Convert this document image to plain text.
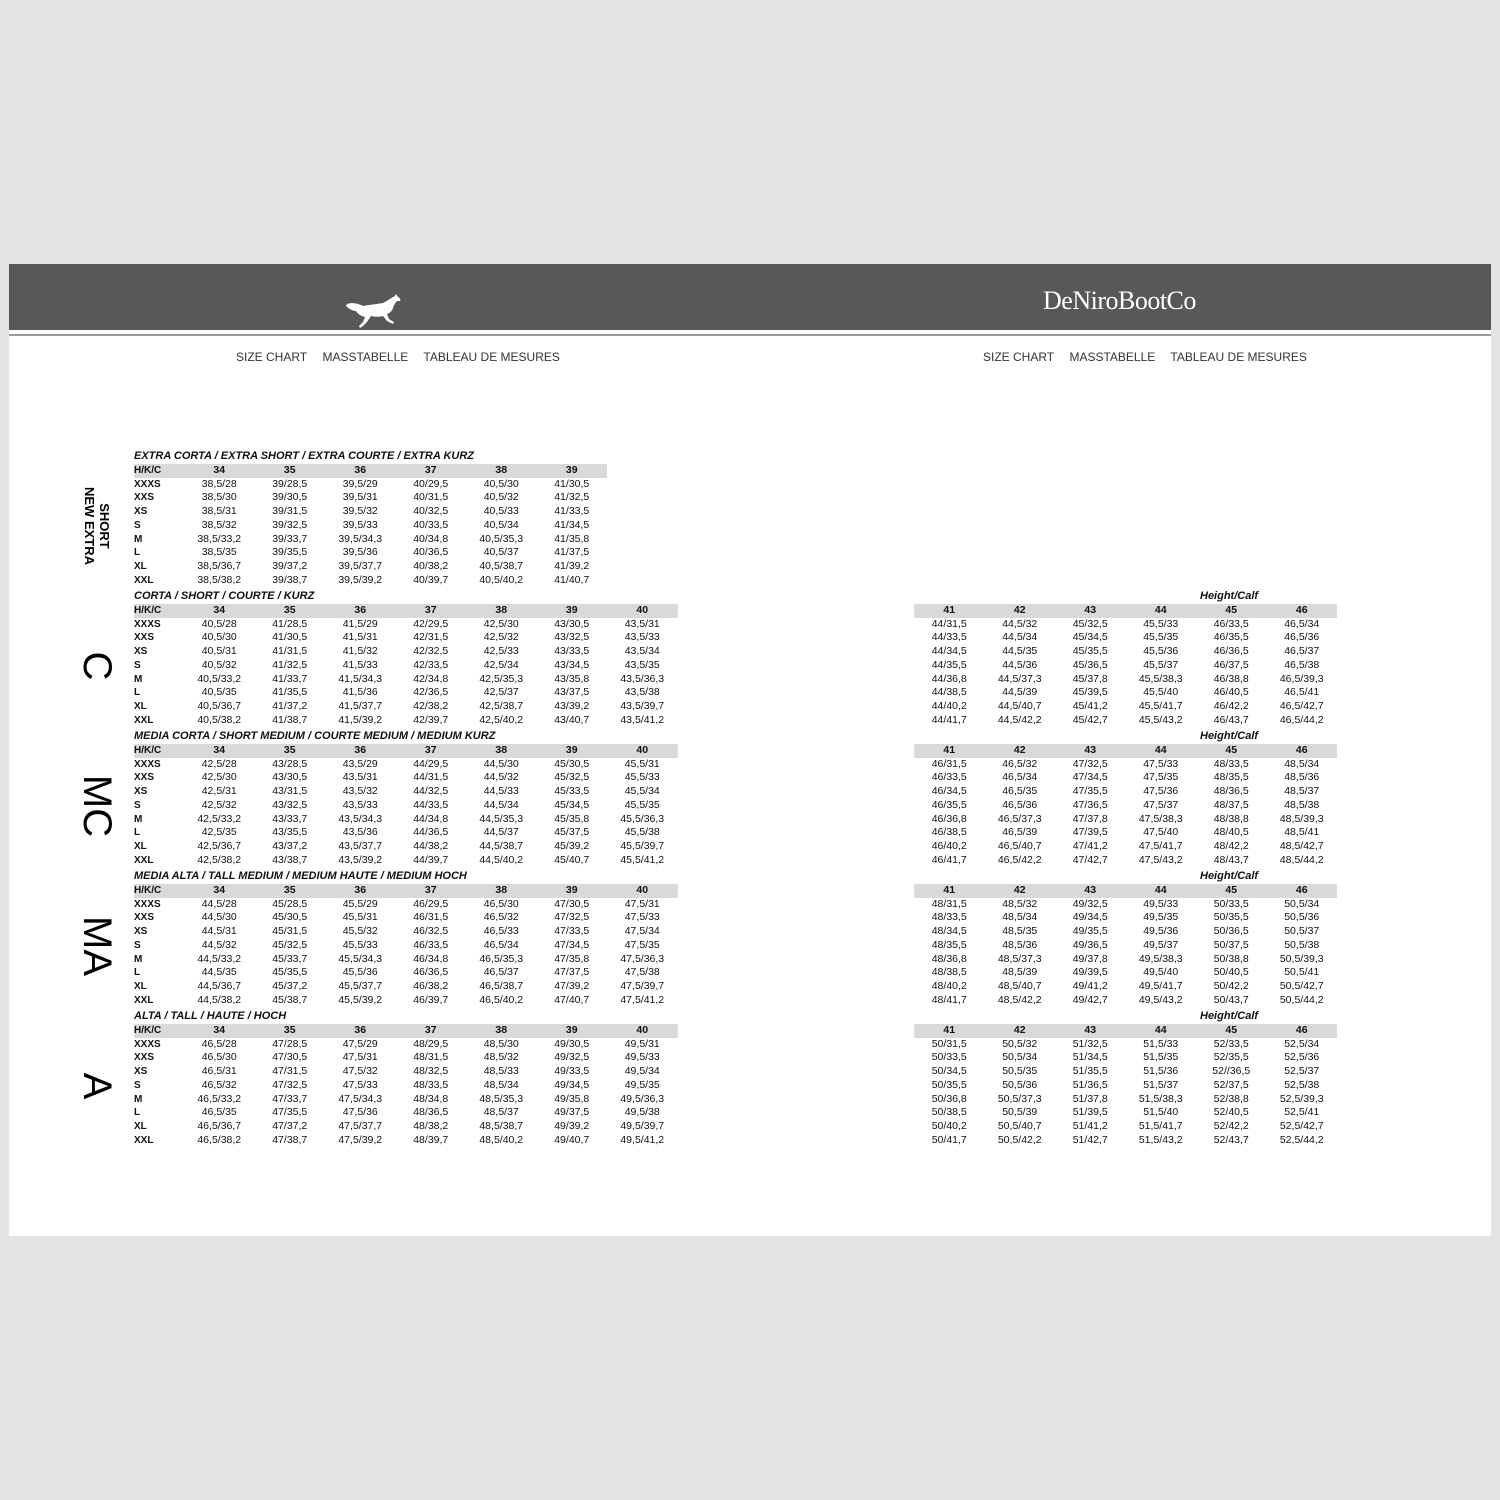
DeNiroBootCo
SIZE CHART MASSTABELLE TABLEAU DE MESURES	SIZE CHART MASSTABELLE TABLEAU DE MESURES
EXTRA CORTA / EXTRA SHORT / EXTRA COURTE / EXTRA KURZ
H/K/C	34	35	36	37	38	39
XXXS	38,5/28	39/28,5	39,5/29	40/29,5	40,5/30	41/30,5
XXS	38,5/30	39/30,5	39,5/31	40/31,5	40,5/32	41/32,5
XS	38,5/31	39/31,5	39,5/32	40/32,5	40,5/33	41/33,5
S	38,5/32	39/32,5	39,5/33	40/33,5	40,5/34	41/34,5
M	38,5/33,2	39/33,7	39,5/34,3	40/34,8	40,5/35,3	41/35,8
L	38,5/35	39/35,5	39,5/36	40/36,5	40,5/37	41/37,5
XL	38,5/36,7	39/37,2	39,5/37,7	40/38,2	40,5/38,7	41/39,2
XXL	38,5/38,2	39/38,7	39,5/39,2	40/39,7	40,5/40,2	41/40,7
NEW EXTRA SHORT
CORTA / SHORT / COURTE / KURZ
H/K/C	34	35	36	37	38	39	40
XXXS	40,5/28	41/28,5	41,5/29	42/29,5	42,5/30	43/30,5	43,5/31
XXS	40,5/30	41/30,5	41,5/31	42/31,5	42,5/32	43/32,5	43,5/33
XS	40,5/31	41/31,5	41,5/32	42/32,5	42,5/33	43/33,5	43,5/34
S	40,5/32	41/32,5	41,5/33	42/33,5	42,5/34	43/34,5	43,5/35
M	40,5/33,2	41/33,7	41,5/34,3	42/34,8	42,5/35,3	43/35,8	43,5/36,3
L	40,5/35	41/35,5	41,5/36	42/36,5	42,5/37	43/37,5	43,5/38
XL	40,5/36,7	41/37,2	41,5/37,7	42/38,2	42,5/38,7	43/39,2	43,5/39,7
XXL	40,5/38,2	41/38,7	41,5/39,2	42/39,7	42,5/40,2	43/40,7	43,5/41,2
Height/Calf
41	42	43	44	45	46
44/31,5	44,5/32	45/32,5	45,5/33	46/33,5	46,5/34
44/33,5	44,5/34	45/34,5	45,5/35	46/35,5	46,5/36
44/34,5	44,5/35	45/35,5	45,5/36	46/36,5	46,5/37
44/35,5	44,5/36	45/36,5	45,5/37	46/37,5	46,5/38
44/36,8	44,5/37,3	45/37,8	45,5/38,3	46/38,8	46,5/39,3
44/38,5	44,5/39	45/39,5	45,5/40	46/40,5	46,5/41
44/40,2	44,5/40,7	45/41,2	45,5/41,7	46/42,2	46,5/42,7
44/41,7	44,5/42,2	45/42,7	45,5/43,2	46/43,7	46,5/44,2
C
MEDIA CORTA / SHORT MEDIUM / COURTE MEDIUM / MEDIUM KURZ
H/K/C	34	35	36	37	38	39	40
XXXS	42,5/28	43/28,5	43,5/29	44/29,5	44,5/30	45/30,5	45,5/31
XXS	42,5/30	43/30,5	43,5/31	44/31,5	44,5/32	45/32,5	45,5/33
XS	42,5/31	43/31,5	43,5/32	44/32,5	44,5/33	45/33,5	45,5/34
S	42,5/32	43/32,5	43,5/33	44/33,5	44,5/34	45/34,5	45,5/35
M	42,5/33,2	43/33,7	43,5/34,3	44/34,8	44,5/35,3	45/35,8	45,5/36,3
L	42,5/35	43/35,5	43,5/36	44/36,5	44,5/37	45/37,5	45,5/38
XL	42,5/36,7	43/37,2	43,5/37,7	44/38,2	44,5/38,7	45/39,2	45,5/39,7
XXL	42,5/38,2	43/38,7	43,5/39,2	44/39,7	44,5/40,2	45/40,7	45,5/41,2
Height/Calf
41	42	43	44	45	46
46/31,5	46,5/32	47/32,5	47,5/33	48/33,5	48,5/34
46/33,5	46,5/34	47/34,5	47,5/35	48/35,5	48,5/36
46/34,5	46,5/35	47/35,5	47,5/36	48/36,5	48,5/37
46/35,5	46,5/36	47/36,5	47,5/37	48/37,5	48,5/38
46/36,8	46,5/37,3	47/37,8	47,5/38,3	48/38,8	48,5/39,3
46/38,5	46,5/39	47/39,5	47,5/40	48/40,5	48,5/41
46/40,2	46,5/40,7	47/41,2	47,5/41,7	48/42,2	48,5/42,7
46/41,7	46,5/42,2	47/42,7	47,5/43,2	48/43,7	48,5/44,2
MC
MEDIA ALTA / TALL MEDIUM / MEDIUM HAUTE / MEDIUM HOCH
H/K/C	34	35	36	37	38	39	40
XXXS	44,5/28	45/28,5	45,5/29	46/29,5	46,5/30	47/30,5	47,5/31
XXS	44,5/30	45/30,5	45,5/31	46/31,5	46,5/32	47/32,5	47,5/33
XS	44,5/31	45/31,5	45,5/32	46/32,5	46,5/33	47/33,5	47,5/34
S	44,5/32	45/32,5	45,5/33	46/33,5	46,5/34	47/34,5	47,5/35
M	44,5/33,2	45/33,7	45,5/34,3	46/34,8	46,5/35,3	47/35,8	47,5/36,3
L	44,5/35	45/35,5	45,5/36	46/36,5	46,5/37	47/37,5	47,5/38
XL	44,5/36,7	45/37,2	45,5/37,7	46/38,2	46,5/38,7	47/39,2	47,5/39,7
XXL	44,5/38,2	45/38,7	45,5/39,2	46/39,7	46,5/40,2	47/40,7	47,5/41,2
Height/Calf
41	42	43	44	45	46
48/31,5	48,5/32	49/32,5	49,5/33	50/33,5	50,5/34
48/33,5	48,5/34	49/34,5	49,5/35	50/35,5	50,5/36
48/34,5	48,5/35	49/35,5	49,5/36	50/36,5	50,5/37
48/35,5	48,5/36	49/36,5	49,5/37	50/37,5	50,5/38
48/36,8	48,5/37,3	49/37,8	49,5/38,3	50/38,8	50,5/39,3
48/38,5	48,5/39	49/39,5	49,5/40	50/40,5	50,5/41
48/40,2	48,5/40,7	49/41,2	49,5/41,7	50/42,2	50,5/42,7
48/41,7	48,5/42,2	49/42,7	49,5/43,2	50/43,7	50,5/44,2
MA
ALTA / TALL / HAUTE / HOCH
H/K/C	34	35	36	37	38	39	40
XXXS	46,5/28	47/28,5	47,5/29	48/29,5	48,5/30	49/30,5	49,5/31
XXS	46,5/30	47/30,5	47,5/31	48/31,5	48,5/32	49/32,5	49,5/33
XS	46,5/31	47/31,5	47,5/32	48/32,5	48,5/33	49/33,5	49,5/34
S	46,5/32	47/32,5	47,5/33	48/33,5	48,5/34	49/34,5	49,5/35
M	46,5/33,2	47/33,7	47,5/34,3	48/34,8	48,5/35,3	49/35,8	49,5/36,3
L	46,5/35	47/35,5	47,5/36	48/36,5	48,5/37	49/37,5	49,5/38
XL	46,5/36,7	47/37,2	47,5/37,7	48/38,2	48,5/38,7	49/39,2	49,5/39,7
XXL	46,5/38,2	47/38,7	47,5/39,2	48/39,7	48,5/40,2	49/40,7	49,5/41,2
Height/Calf
41	42	43	44	45	46
50/31,5	50,5/32	51/32,5	51,5/33	52/33,5	52,5/34
50/33,5	50,5/34	51/34,5	51,5/35	52/35,5	52,5/36
50/34,5	50,5/35	51/35,5	51,5/36	52//36,5	52,5/37
50/35,5	50,5/36	51/36,5	51,5/37	52/37,5	52,5/38
50/36,8	50,5/37,3	51/37,8	51,5/38,3	52/38,8	52,5/39,3
50/38,5	50,5/39	51/39,5	51,5/40	52/40,5	52,5/41
50/40,2	50,5/40,7	51/41,2	51,5/41,7	52/42,2	52,5/42,7
50/41,7	50,5/42,2	51/42,7	51,5/43,2	52/43,7	52,5/44,2
A
